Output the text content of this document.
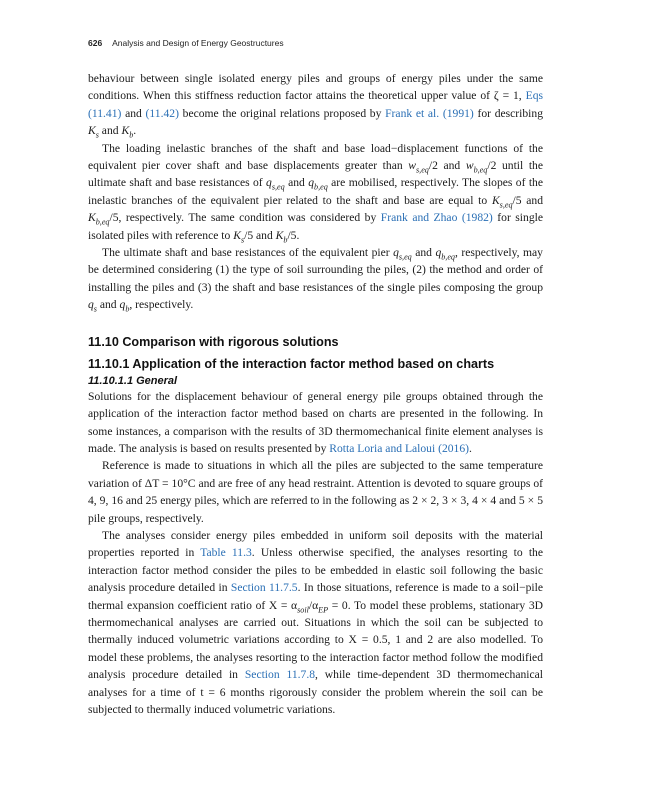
626 Analysis and Design of Energy Geostructures

behaviour between single isolated energy piles and groups of energy piles under the same conditions. When this stiffness reduction factor attains the theoretical upper value of ζ = 1, Eqs (11.41) and (11.42) become the original relations proposed by Frank et al. (1991) for describing $K_s$ and $K_b$.

The loading inelastic branches of the shaft and base load−displacement functions of the equivalent pier cover shaft and base displacements greater than $w_{s,eq}/2$ and $w_{b,eq}/2$ until the ultimate shaft and base resistances of $q_{s,eq}$ and $q_{b,eq}$ are mobilised, respectively. The slopes of the inelastic branches of the equivalent pier related to the shaft and base are equal to $K_{s,eq}/5$ and $K_{b,eq}/5$, respectively. The same condition was considered by Frank and Zhao (1982) for single isolated piles with reference to $K_s/5$ and $K_b/5$.

The ultimate shaft and base resistances of the equivalent pier $q_{s,eq}$ and $q_{b,eq}$, respectively, may be determined considering (1) the type of soil surrounding the piles, (2) the method and order of installing the piles and (3) the shaft and base resistances of the single piles composing the group $q_s$ and $q_b$, respectively.

11.10 Comparison with rigorous solutions
11.10.1 Application of the interaction factor method based on charts
11.10.1.1 General

Solutions for the displacement behaviour of general energy pile groups obtained through the application of the interaction factor method based on charts are presented in the following. In some instances, a comparison with the results of 3D thermomechanical finite element analyses is made. The analysis is based on results presented by Rotta Loria and Laloui (2016).

Reference is made to situations in which all the piles are subjected to the same temperature variation of ΔT = 10°C and are free of any head restraint. Attention is devoted to square groups of 4, 9, 16 and 25 energy piles, which are referred to in the following as 2 × 2, 3 × 3, 4 × 4 and 5 × 5 pile groups, respectively.

The analyses consider energy piles embedded in uniform soil deposits with the material properties reported in Table 11.3. Unless otherwise specified, the analyses resorting to the interaction factor method consider the piles to be embedded in elastic soil following the basic analysis procedure detailed in Section 11.7.5. In those situations, reference is made to a soil−pile thermal expansion coefficient ratio of $X = \alpha_{soil}/\alpha_{EP} = 0$. To model these problems, stationary 3D thermomechanical analyses are carried out. Situations in which the soil can be subjected to thermally induced volumetric variations according to X = 0.5, 1 and 2 are also modelled. To model these problems, the analyses resorting to the interaction factor method follow the modified analysis procedure detailed in Section 11.7.8, while time-dependent 3D thermomechanical analyses for a time of t = 6 months rigorously consider the problem wherein the soil can be subjected to thermally induced volumetric variations.
